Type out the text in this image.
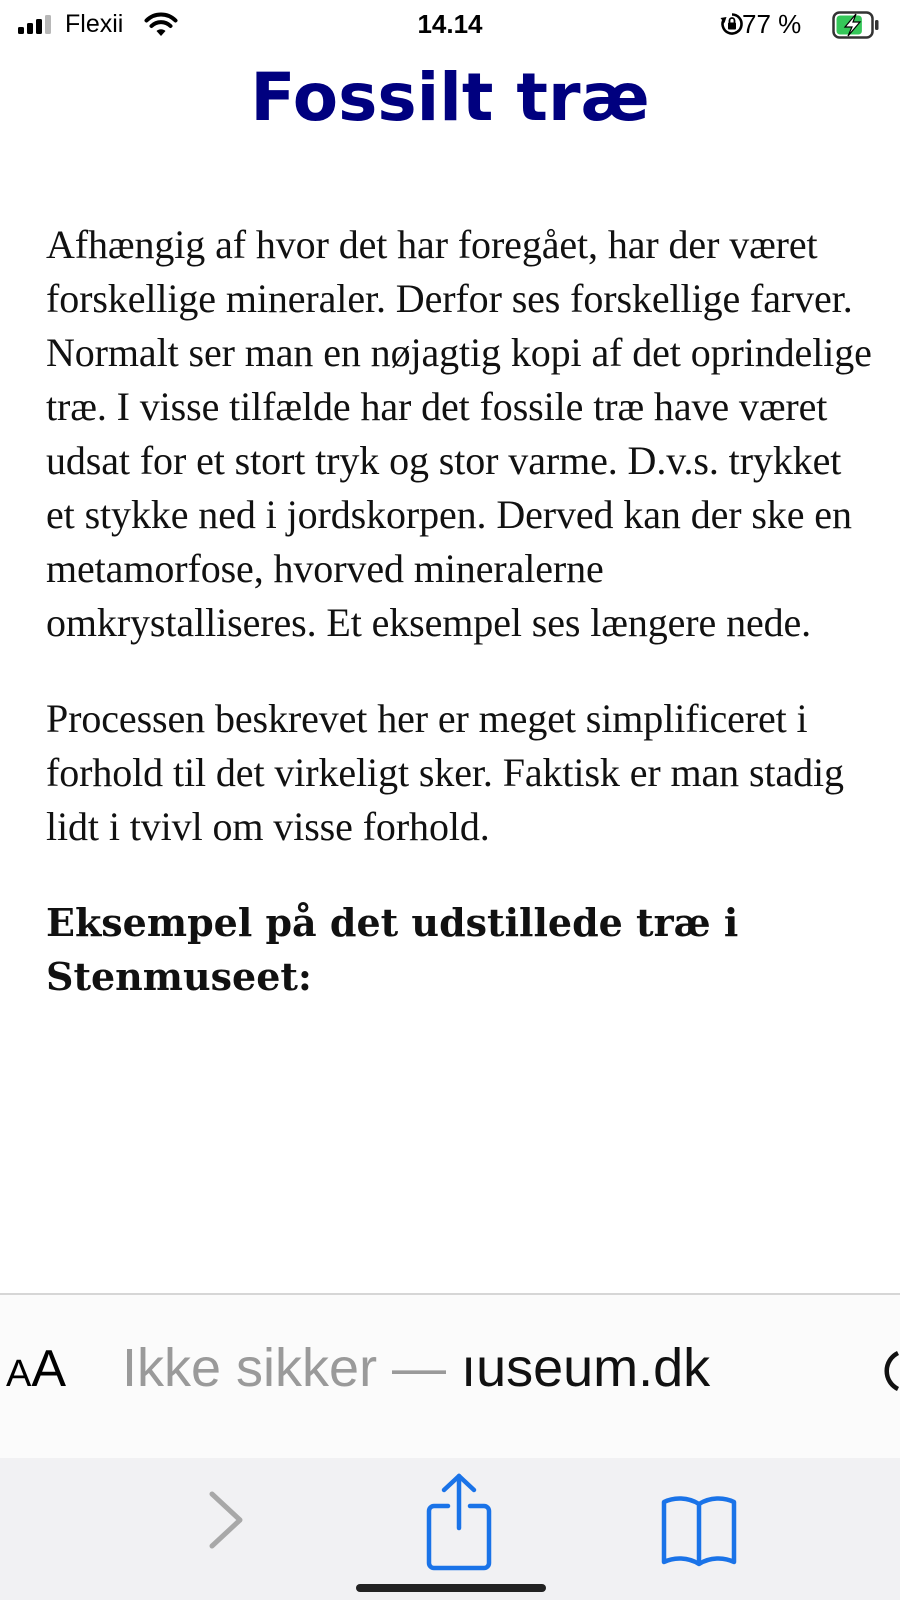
Flexii	14.14	77 %
Fossilt træ

Afhængig af hvor det har foregået, har der været forskellige mineraler. Derfor ses forskellige farver. Normalt ser man en nøjagtig kopi af det oprindelige træ. I visse tilfælde har det fossile træ have været udsat for et stort tryk og stor varme. D.v.s. trykket et stykke ned i jordskorpen. Derved kan der ske en metamorfose, hvorved mineralerne omkrystalliseres. Et eksempel ses længere nede.

Processen beskrevet her er meget simplificeret i forhold til det virkeligt sker. Faktisk er man stadig lidt i tvivl om visse forhold.

Eksempel på det udstillede træ i Stenmuseet:
AA Ikke sikker — ıuseum.dk
